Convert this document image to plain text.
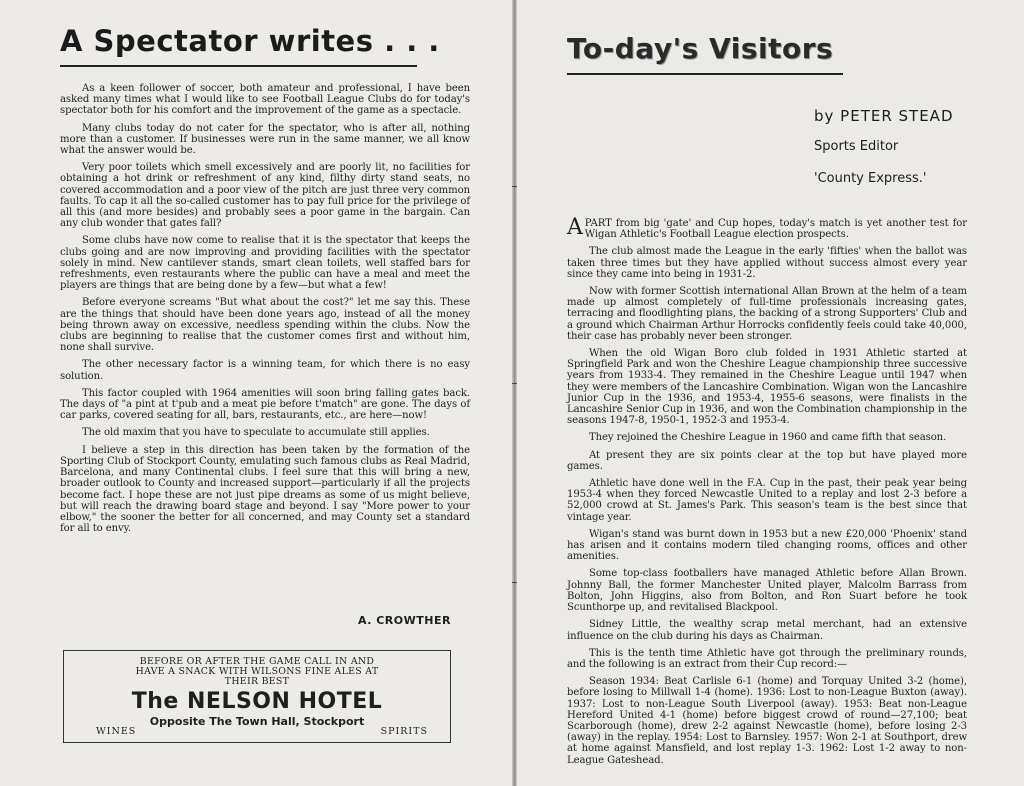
A Spectator writes . . .

As a keen follower of soccer, both amateur and professional, I have been asked many times what I would like to see Football League Clubs do for today's spectator both for his comfort and the improvement of the game as a spectacle.

Many clubs today do not cater for the spectator, who is after all, nothing more than a customer. If businesses were run in the same manner, we all know what the answer would be.

Very poor toilets which smell excessively and are poorly lit, no facilities for obtaining a hot drink or refreshment of any kind, filthy dirty stand seats, no covered accommodation and a poor view of the pitch are just three very common faults. To cap it all the so-called customer has to pay full price for the privilege of all this (and more besides) and probably sees a poor game in the bargain. Can any club wonder that gates fall?

Some clubs have now come to realise that it is the spectator that keeps the clubs going and are now improving and providing facilities with the spectator solely in mind. New cantilever stands, smart clean toilets, well staffed bars for refreshments, even restaurants where the public can have a meal and meet the players are things that are being done by a few—but what a few!

Before everyone screams "But what about the cost?" let me say this. These are the things that should have been done years ago, instead of all the money being thrown away on excessive, needless spending within the clubs. Now the clubs are beginning to realise that the customer comes first and without him, none shall survive.

The other necessary factor is a winning team, for which there is no easy solution.

This factor coupled with 1964 amenities will soon bring falling gates back. The days of "a pint at t'pub and a meat pie before t'match" are gone. The days of car parks, covered seating for all, bars, restaurants, etc., are here—now!

The old maxim that you have to speculate to accumulate still applies.

I believe a step in this direction has been taken by the formation of the Sporting Club of Stockport County, emulating such famous clubs as Real Madrid, Barcelona, and many Continental clubs. I feel sure that this will bring a new, broader outlook to County and increased support—particularly if all the projects become fact. I hope these are not just pipe dreams as some of us might believe, but will reach the drawing board stage and beyond. I say "More power to your elbow," the sooner the better for all concerned, and may County set a standard for all to envy.

A. CROWTHER
BEFORE OR AFTER THE GAME CALL IN AND
HAVE A SNACK WITH WILSONS FINE ALES AT
THEIR BEST
The NELSON HOTEL
Opposite The Town Hall, Stockport
WINES	SPIRITS
To-day's Visitors
by PETER STEAD
Sports Editor
'County Express.'

APART from big 'gate' and Cup hopes, today's match is yet another test for Wigan Athletic's Football League election prospects.

The club almost made the League in the early 'fifties' when the ballot was taken three times but they have applied without success almost every year since they came into being in 1931-2.

Now with former Scottish international Allan Brown at the helm of a team made up almost completely of full-time professionals increasing gates, terracing and floodlighting plans, the backing of a strong Supporters' Club and a ground which Chairman Arthur Horrocks confidently feels could take 40,000, their case has probably never been stronger.

When the old Wigan Boro club folded in 1931 Athletic started at Springfield Park and won the Cheshire League championship three successive years from 1933-4. They remained in the Cheshire League until 1947 when they were members of the Lancashire Combination. Wigan won the Lancashire Junior Cup in the 1936, and 1953-4, 1955-6 seasons, were finalists in the Lancashire Senior Cup in 1936, and won the Combination championship in the seasons 1947-8, 1950-1, 1952-3 and 1953-4.

They rejoined the Cheshire League in 1960 and came fifth that season.

At present they are six points clear at the top but have played more games.

Athletic have done well in the F.A. Cup in the past, their peak year being 1953-4 when they forced Newcastle United to a replay and lost 2-3 before a 52,000 crowd at St. James's Park. This season's team is the best since that vintage year.

Wigan's stand was burnt down in 1953 but a new £20,000 'Phoenix' stand has arisen and it contains modern tiled changing rooms, offices and other amenities.

Some top-class footballers have managed Athletic before Allan Brown. Johnny Ball, the former Manchester United player, Malcolm Barrass from Bolton, John Higgins, also from Bolton, and Ron Suart before he took Scunthorpe up, and revitalised Blackpool.

Sidney Little, the wealthy scrap metal merchant, had an extensive influence on the club during his days as Chairman.

This is the tenth time Athletic have got through the preliminary rounds, and the following is an extract from their Cup record:—

Season 1934: Beat Carlisle 6-1 (home) and Torquay United 3-2 (home), before losing to Millwall 1-4 (home). 1936: Lost to non-League Buxton (away). 1937: Lost to non-League South Liverpool (away). 1953: Beat non-League Hereford United 4-1 (home) before biggest crowd of round—27,100; beat Scarborough (home), drew 2-2 against Newcastle (home), before losing 2-3 (away) in the replay. 1954: Lost to Barnsley. 1957: Won 2-1 at Southport, drew at home against Mansfield, and lost replay 1-3. 1962: Lost 1-2 away to non-League Gateshead.
